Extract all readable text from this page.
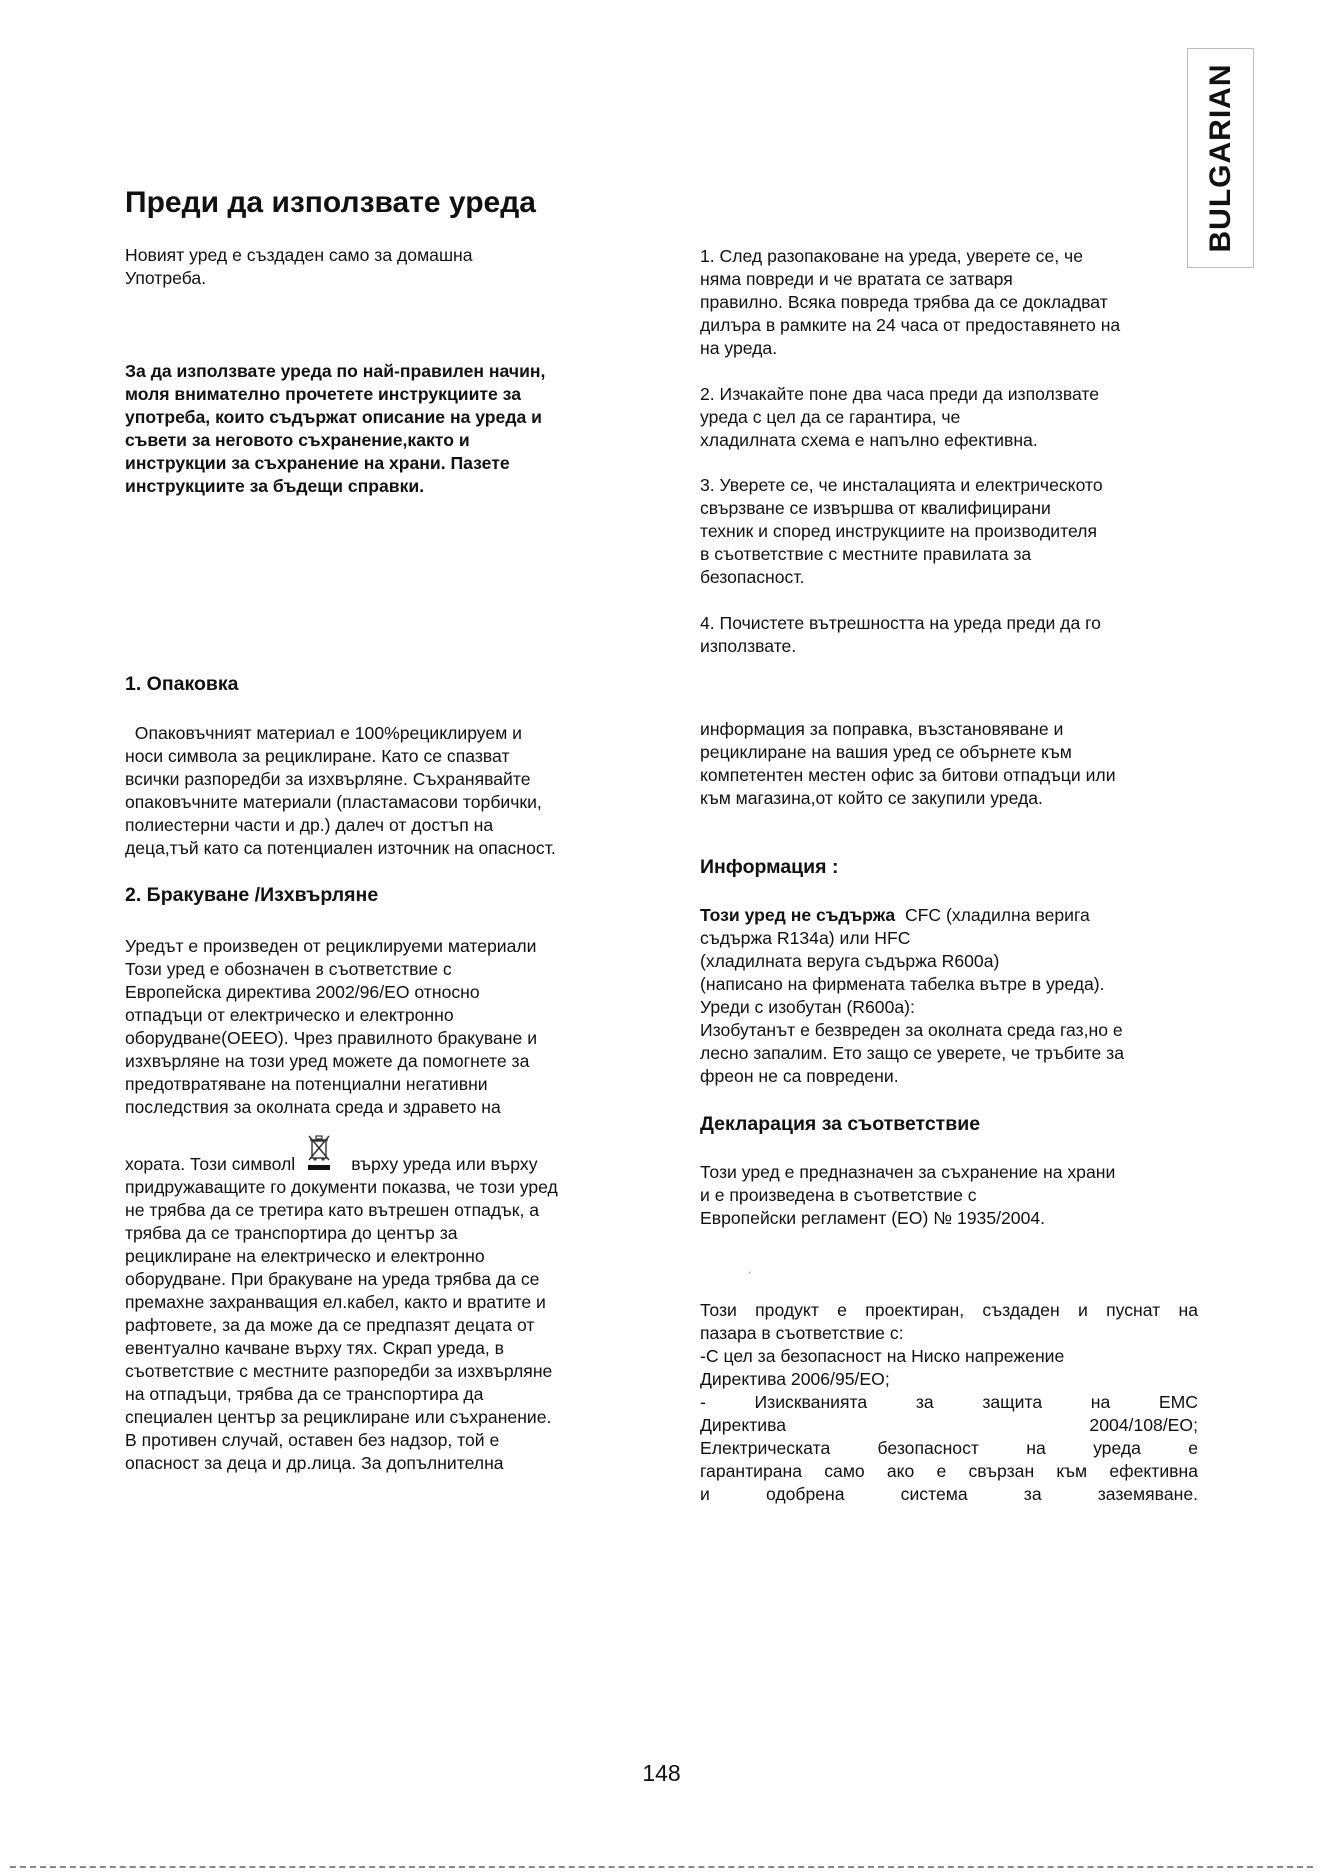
BULGARIAN
Преди да използвате уреда

Новият уред е създаден само за домашна

Употреба.

За да използвате уреда по най-правилен начин,

моля внимателно прочетете инструкциите за

употреба, които съдържат описание на уреда и

съвети за неговото съхранение,както и

инструкции за съхранение на храни. Пазете

инструкциите за бъдещи справки.

1. След разопаковане на уреда, уверете се, че

няма повреди и че вратата се затваря

правилно. Всяка повреда трябва да се докладват

дилъра в рамките на 24 часа от предоставянето на

на уреда.

2. Изчакайте поне два часа преди да използвате

уреда с цел да се гарантира, че

хладилната схема е напълно ефективна.

3. Уверете се, че инсталацията и електрическото

свързване се извършва от квалифицирани

техник и според инструкциите на производителя

в съответствие с местните правилата за

безопасност.

4. Почистете вътрешността на уреда преди да го

използвате.

1. Опаковка

Опаковъчният материал е 100%рециклируем и

носи символа за рециклиране. Като се спазват

всички разпоредби за изхвърляне. Съхранявайте

опаковъчните материали (пластамасови торбички,

полиестерни части и др.) далеч от достъп на

деца,тъй като са потенциален източник на опасност.

2. Бракуване /Изхвърляне

Уредът е произведен от рециклируеми материали

Този уред е обозначен в съответствие с

Европейска директива 2002/96/ЕО относно

отпадъци от електрическо и електронно

оборудване(ОЕЕО). Чрез правилното бракуване и

изхвърляне на този уред можете да помогнете за

предотвратяване на потенциални негативни

последствия за околната среда и здравето на

хората. Този символl	върху уреда или върху

придружаващите го документи показва, че този уред

не трябва да се третира като вътрешен отпадък, а

трябва да се транспортира до център за

рециклиране на електрическо и електронно

оборудване. При бракуване на уреда трябва да се

премахне захранващия ел.кабел, както и вратите и

рафтовете, за да може да се предпазят децата от

евентуално качване върху тях. Скрап уреда, в

съответствие с местните разпоредби за изхвърляне

на отпадъци, трябва да се транспортира да

специален център за рециклиране или съхранение.

В противен случай, оставен без надзор, той е

опасност за деца и др.лица. За допълнителна

информация за поправка, възстановяване и

рециклиране на вашия уред се обърнете към

компетентен местен офис за битови отпадъци или

към магазина,от който се закупили уреда.

Информация :

Този уред не съдържа  CFC (хладилна верига

съдържа R134a) или HFC

(хладилната веруга съдържа R600a)

(написано на фирмената табелка вътре в уреда).

Уреди с изобутан (R600a):

Изобутанът е безвреден за околната среда газ,но е

лесно запалим. Ето защо се уверете, че тръбите за

фреон не са повредени.

Декларация за съответствие

Този уред е предназначен за съхранение на храни

и е произведена в съответствие с

Европейски регламент (ЕО) № 1935/2004.

.

Този продукт е проектиран, създаден и пуснат на

пазара в съответствие с:

-С цел за безопасност на Ниско напрежение

Директива 2006/95/ЕО;

- Изискванията за защита на ЕМС

Директива 2004/108/ЕО;

Електрическата безопасност на уреда е

гарантирана само ако е свързан към ефективна

и одобрена система за заземяване.

148
